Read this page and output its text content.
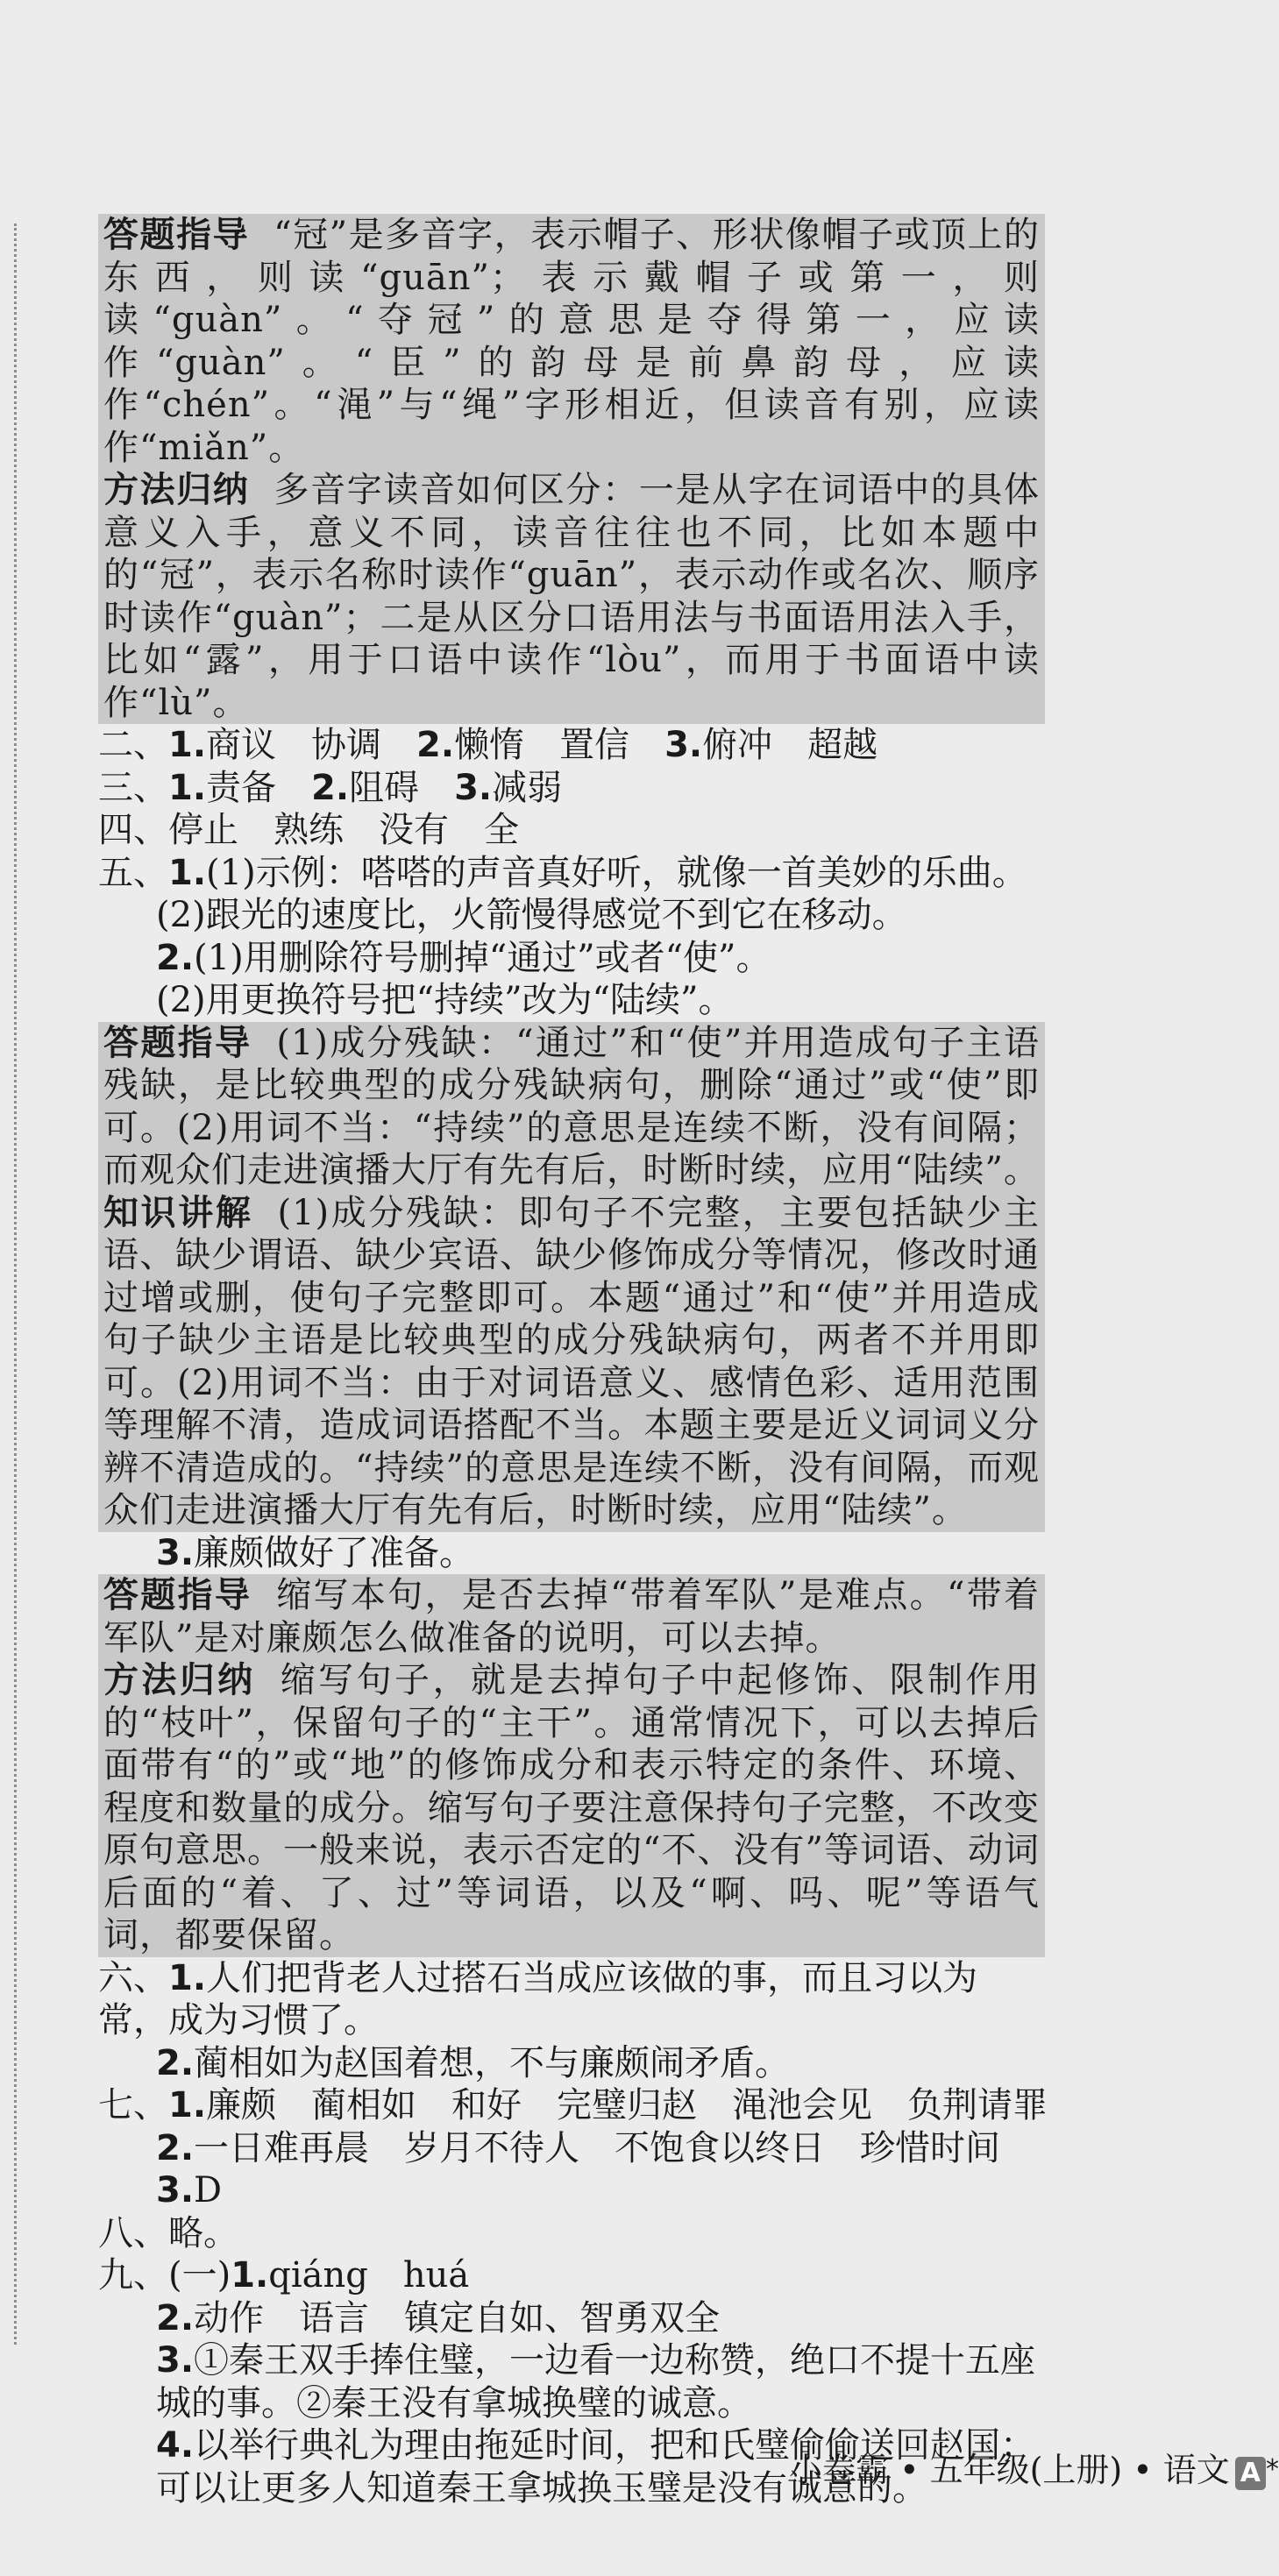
答题指导 “冠”是多音字，表示帽子、形状像帽子或顶上的东西，则读“guān”；表示戴帽子或第一，则读“guàn”。“夺冠”的意思是夺得第一，应读作“guàn”。“臣”的韵母是前鼻韵母，应读作“chén”。“渑”与“绳”字形相近，但读音有别，应读作“miǎn”。
方法归纳 多音字读音如何区分：一是从字在词语中的具体意义入手，意义不同，读音往往也不同，比如本题中的“冠”，表示名称时读作“guān”，表示动作或名次、顺序时读作“guàn”；二是从区分口语用法与书面语用法入手，比如“露”，用于口语中读作“lòu”，而用于书面语中读作“lù”。
二、1.商议　协调　2.懒惰　置信　3.俯冲　超越
三、1.责备　2.阻碍　3.减弱
四、停止　熟练　没有　全
五、1.(1)示例：嗒嗒的声音真好听，就像一首美妙的乐曲。
(2)跟光的速度比，火箭慢得感觉不到它在移动。
2.(1)用删除符号删掉“通过”或者“使”。
(2)用更换符号把“持续”改为“陆续”。
答题指导 (1)成分残缺：“通过”和“使”并用造成句子主语残缺，是比较典型的成分残缺病句，删除“通过”或“使”即可。(2)用词不当：“持续”的意思是连续不断，没有间隔；而观众们走进演播大厅有先有后，时断时续，应用“陆续”。
知识讲解 (1)成分残缺：即句子不完整，主要包括缺少主语、缺少谓语、缺少宾语、缺少修饰成分等情况，修改时通过增或删，使句子完整即可。本题“通过”和“使”并用造成句子缺少主语是比较典型的成分残缺病句，两者不并用即可。(2)用词不当：由于对词语意义、感情色彩、适用范围等理解不清，造成词语搭配不当。本题主要是近义词词义分辨不清造成的。“持续”的意思是连续不断，没有间隔，而观众们走进演播大厅有先有后，时断时续，应用“陆续”。
3.廉颇做好了准备。
答题指导 缩写本句，是否去掉“带着军队”是难点。“带着军队”是对廉颇怎么做准备的说明，可以去掉。
方法归纳 缩写句子，就是去掉句子中起修饰、限制作用的“枝叶”，保留句子的“主干”。通常情况下，可以去掉后面带有“的”或“地”的修饰成分和表示特定的条件、环境、程度和数量的成分。缩写句子要注意保持句子完整，不改变原句意思。一般来说，表示否定的“不、没有”等词语、动词后面的“着、了、过”等词语，以及“啊、吗、呢”等语气词，都要保留。
六、1.人们把背老人过搭石当成应该做的事，而且习以为常，成为习惯了。
2.蔺相如为赵国着想，不与廉颇闹矛盾。
七、1.廉颇　蔺相如　和好　完璧归赵　渑池会见　负荆请罪
2.一日难再晨　岁月不待人　不饱食以终日　珍惜时间
3.D
八、略。
九、(一)1.qiáng　huá
2.动作　语言　镇定自如、智勇双全
3.①秦王双手捧住璧，一边看一边称赞，绝口不提十五座城的事。②秦王没有拿城换璧的诚意。
4.以举行典礼为理由拖延时间，把和氏璧偷偷送回赵国；可以让更多人知道秦王拿城换玉璧是没有诚意的。
小卷霸 • 五年级(上册) • 语文 A *
